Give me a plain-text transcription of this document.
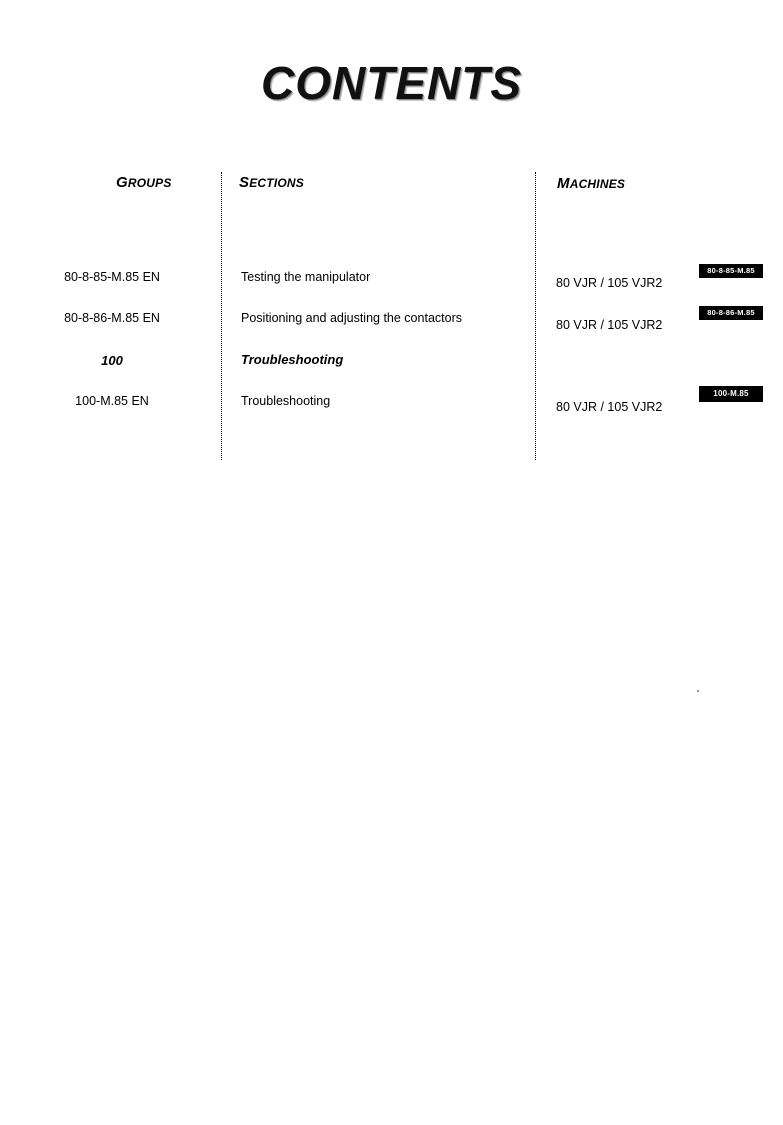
CONTENTS
GROUPS	SECTIONS	MACHINES
80-8-85-M.85 EN	Testing the manipulator	80 VJR / 105 VJR2
80-8-85-M.85
80-8-86-M.85 EN	Positioning and adjusting the contactors	80 VJR / 105 VJR2
80-8-86-M.85
100	Troubleshooting
100-M.85 EN	Troubleshooting	80 VJR / 105 VJR2
100-M.85
